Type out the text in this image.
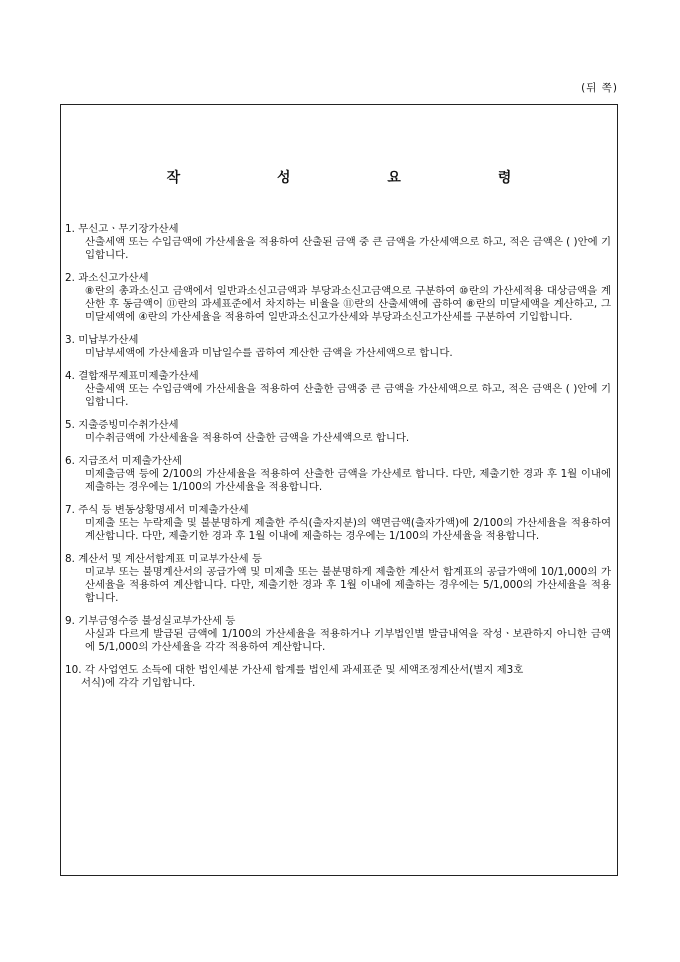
(뒤 쪽)
작 성 요 령
1. 무신고ㆍ무기장가산세
산출세액 또는 수입금액에 가산세율을 적용하여 산출된 금액 중 큰 금액을 가산세액으로 하고, 적은 금액은 ( )안에 기입합니다.
2. 과소신고가산세
⑧란의 총과소신고 금액에서 일반과소신고금액과 부당과소신고금액으로 구분하여 ⑩란의 가산세적용 대상금액을 계산한 후 동금액이 ⑪란의 과세표준에서 차지하는 비율을 ⑪란의 산출세액에 곱하여 ⑧란의 미달세액을 계산하고, 그 미달세액에 ④란의 가산세율을 적용하여 일반과소신고가산세와 부당과소신고가산세를 구분하여 기입합니다.
3. 미납부가산세
미납부세액에 가산세율과 미납일수를 곱하여 계산한 금액을 가산세액으로 합니다.
4. 결합재무제표미제출가산세
산출세액 또는 수입금액에 가산세율을 적용하여 산출한 금액중 큰 금액을 가산세액으로 하고, 적은 금액은 ( )안에 기입합니다.
5. 지출증빙미수취가산세
미수취금액에 가산세율을 적용하여 산출한 금액을 가산세액으로 합니다.
6. 지급조서 미제출가산세
미제출금액 등에 2/100의 가산세율을 적용하여 산출한 금액을 가산세로 합니다. 다만, 제출기한 경과 후 1월 이내에 제출하는 경우에는 1/100의 가산세율을 적용합니다.
7. 주식 등 변동상황명세서 미제출가산세
미제출 또는 누락제출 및 불분명하게 제출한 주식(출자지분)의 액면금액(출자가액)에 2/100의 가산세율을 적용하여 계산합니다. 다만, 제출기한 경과 후 1월 이내에 제출하는 경우에는 1/100의 가산세율을 적용합니다.
8. 계산서 및 계산서합계표 미교부가산세 등
미교부 또는 불명계산서의 공급가액 및 미제출 또는 불분명하게 제출한 계산서 합계표의 공급가액에 10/1,000의 가산세율을 적용하여 계산합니다. 다만, 제출기한 경과 후 1월 이내에 제출하는 경우에는 5/1,000의 가산세율을 적용합니다.
9. 기부금영수증 불성실교부가산세 등
사실과 다르게 발급된 금액에 1/100의 가산세율을 적용하거나 기부법인별 발급내역을 작성ㆍ보관하지 아니한 금액에 5/1,000의 가산세율을 각각 적용하여 계산합니다.
10. 각 사업연도 소득에 대한 법인세분 가산세 합계를 법인세 과세표준 및 세액조정계산서(별지 제3호
서식)에 각각 기입합니다.
